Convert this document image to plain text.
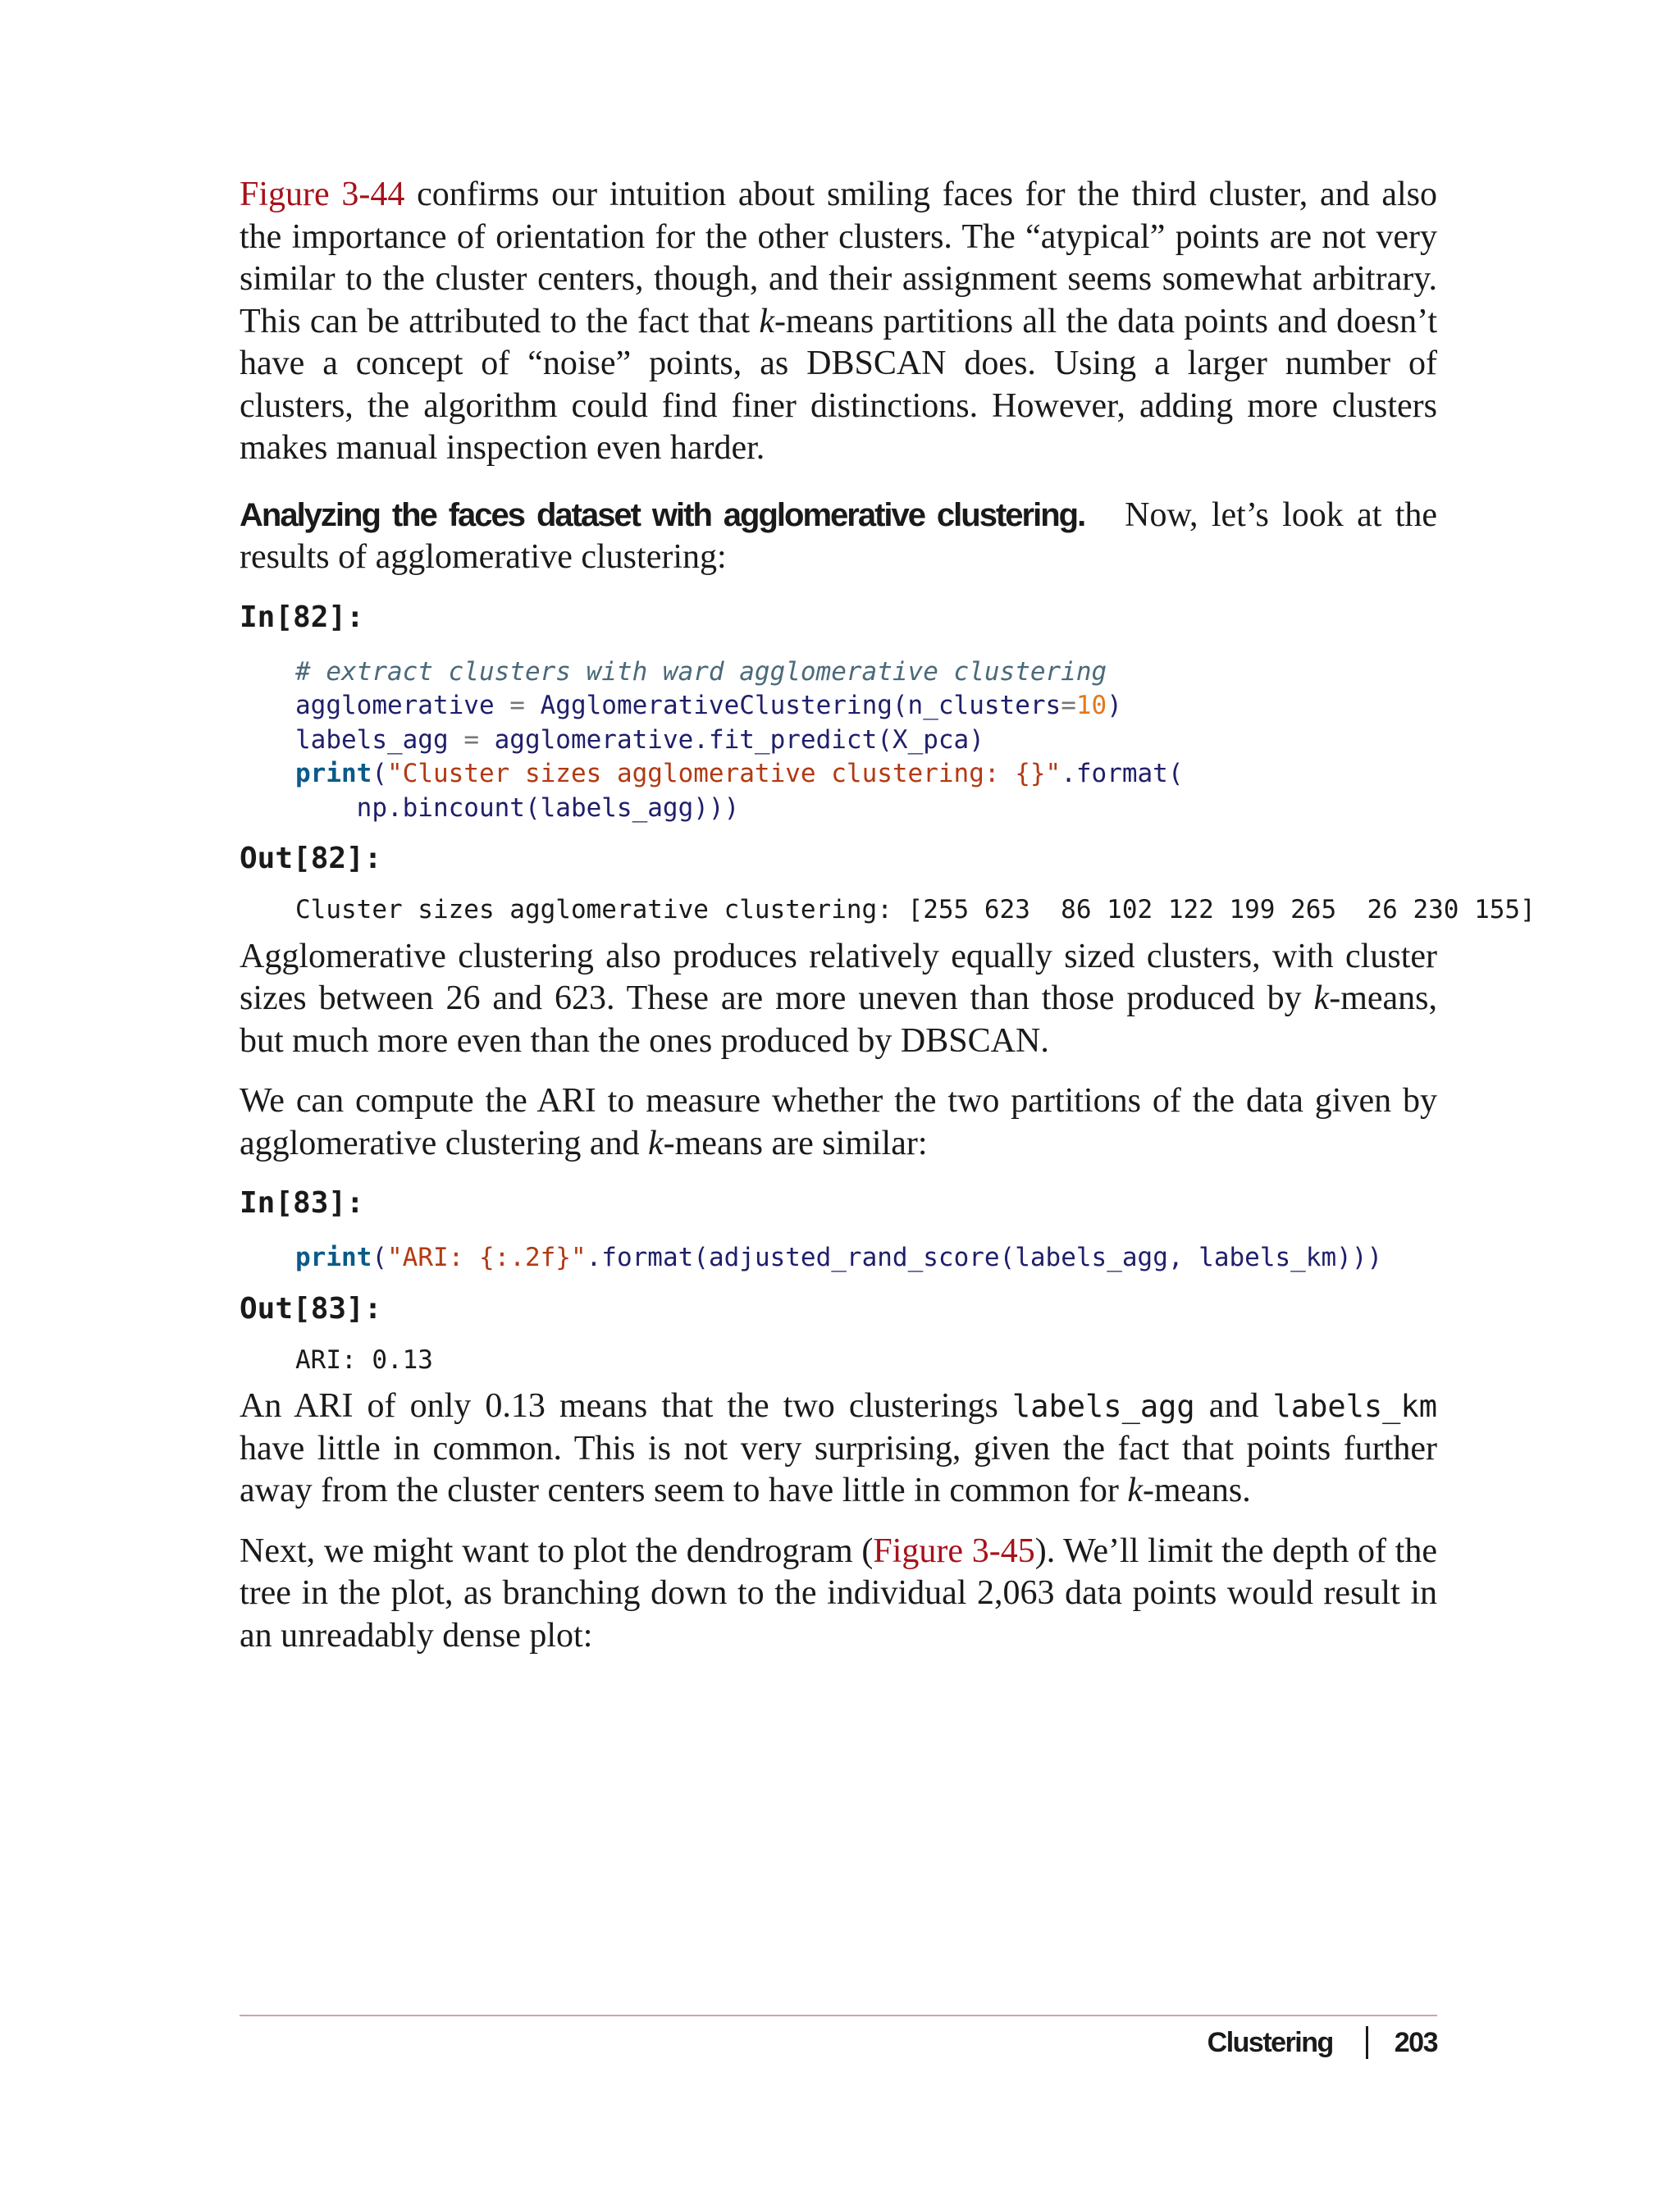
Figure 3-44 confirms our intuition about smiling faces for the third cluster, and also the importance of orientation for the other clusters. The “atypical” points are not very similar to the cluster centers, though, and their assignment seems somewhat arbitrary. This can be attributed to the fact that k-means partitions all the data points and doesn’t have a concept of “noise” points, as DBSCAN does. Using a larger number of clusters, the algorithm could find finer distinctions. However, adding more clusters makes manual inspection even harder.

Analyzing the faces dataset with agglomerative clustering. Now, let’s look at the results of agglomerative clustering:

In[82]:
# extract clusters with ward agglomerative clustering
agglomerative = AgglomerativeClustering(n_clusters=10)
labels_agg = agglomerative.fit_predict(X_pca)
print("Cluster sizes agglomerative clustering: {}".format(
np.bincount(labels_agg)))
Out[82]:
Cluster sizes agglomerative clustering: [255 623  86 102 122 199 265  26 230 155]

Agglomerative clustering also produces relatively equally sized clusters, with cluster sizes between 26 and 623. These are more uneven than those produced by k-means, but much more even than the ones produced by DBSCAN.

We can compute the ARI to measure whether the two partitions of the data given by agglomerative clustering and k-means are similar:

In[83]:
print("ARI: {:.2f}".format(adjusted_rand_score(labels_agg, labels_km)))
Out[83]:
ARI: 0.13

An ARI of only 0.13 means that the two clusterings labels_agg and labels_km have little in common. This is not very surprising, given the fact that points further away from the cluster centers seem to have little in common for k-means.

Next, we might want to plot the dendrogram (Figure 3-45). We’ll limit the depth of the tree in the plot, as branching down to the individual 2,063 data points would result in an unreadably dense plot:

Clustering 203
